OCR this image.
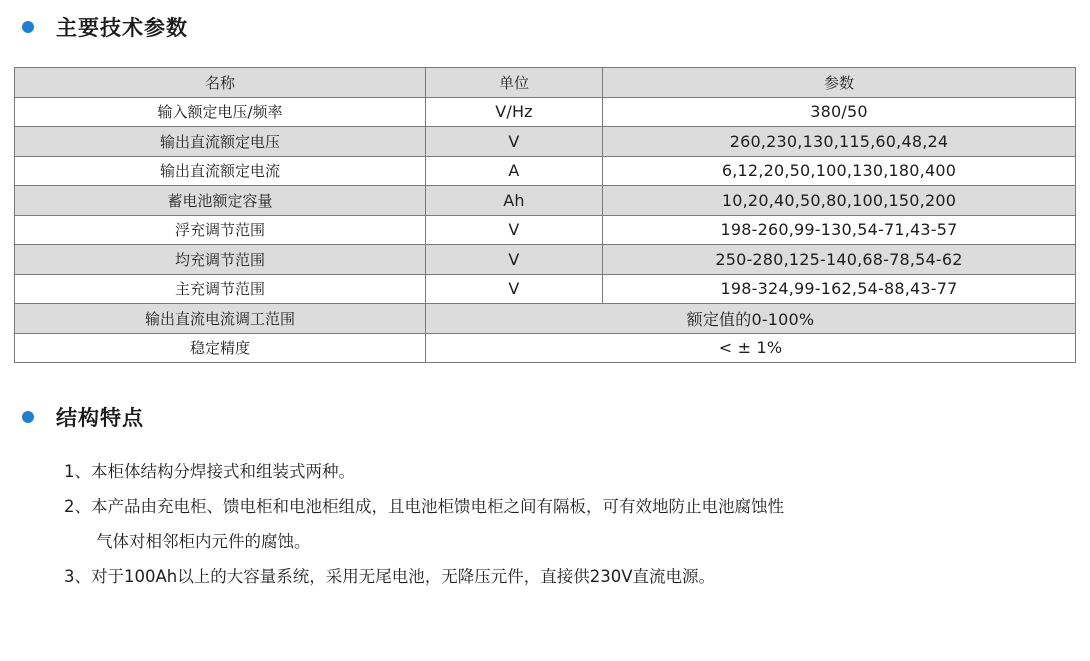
主要技术参数
名称	单位	参数
输入额定电压/频率	V/Hz	380/50
输出直流额定电压	V	260,230,130,115,60,48,24
输出直流额定电流	A	6,12,20,50,100,130,180,400
蓄电池额定容量	Ah	10,20,40,50,80,100,150,200
浮充调节范围	V	198-260,99-130,54-71,43-57
均充调节范围	V	250-280,125-140,68-78,54-62
主充调节范围	V	198-324,99-162,54-88,43-77
输出直流电流调工范围	额定值的0-100%	
稳定精度	< ± 1%	
结构特点
1、本柜体结构分焊接式和组装式两种。
2、本产品由充电柜、馈电柜和电池柜组成，且电池柜馈电柜之间有隔板，可有效地防止电池腐蚀性
气体对相邻柜内元件的腐蚀。
3、对于100Ah以上的大容量系统，采用无尾电池，无降压元件，直接供230V直流电源。
